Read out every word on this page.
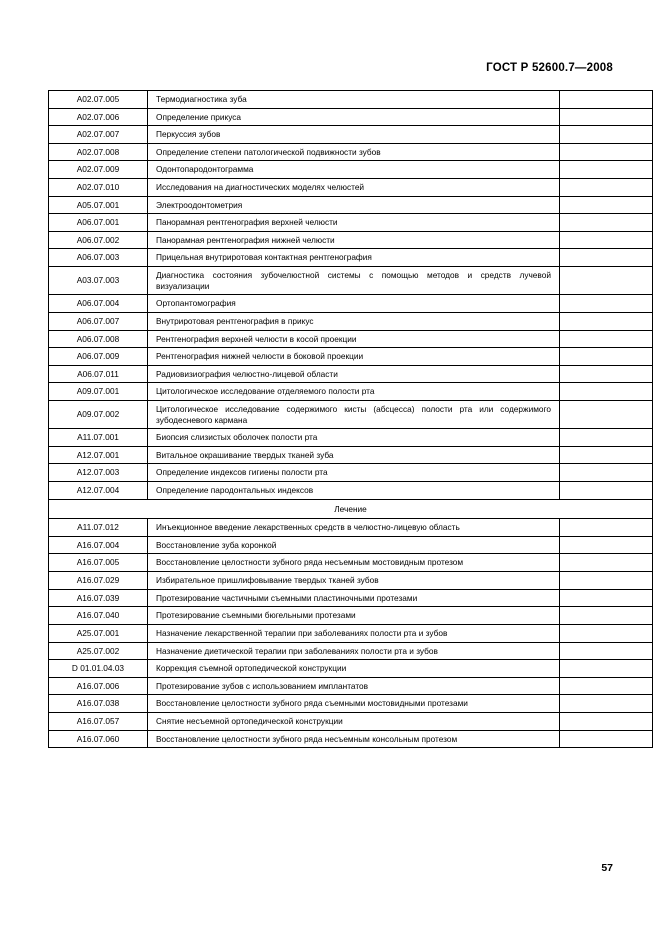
ГОСТ Р 52600.7—2008
A02.07.005	Термодиагностика зуба	
A02.07.006	Определение прикуса	
A02.07.007	Перкуссия зубов	
A02.07.008	Определение степени патологической подвижности зубов	
A02.07.009	Одонтопародонтограмма	
A02.07.010	Исследования на диагностических моделях челюстей	
A05.07.001	Электроодонтометрия	
A06.07.001	Панорамная рентгенография верхней челюсти	
A06.07.002	Панорамная рентгенография нижней челюсти	
A06.07.003	Прицельная внутриротовая контактная рентгенография	
A03.07.003	Диагностика состояния зубочелюстной системы с помощью методов и средств лучевой визуализации	
A06.07.004	Ортопантомография	
A06.07.007	Внутриротовая рентгенография в прикус	
A06.07.008	Рентгенография верхней челюсти в косой проекции	
A06.07.009	Рентгенография нижней челюсти в боковой проекции	
A06.07.011	Радиовизиография челюстно-лицевой области	
A09.07.001	Цитологическое исследование отделяемого полости рта	
A09.07.002	Цитологическое исследование содержимого кисты (абсцесса) полости рта или содержимого зубодесневого кармана	
A11.07.001	Биопсия слизистых оболочек полости рта	
A12.07.001	Витальное окрашивание твердых тканей зуба	
A12.07.003	Определение индексов гигиены полости рта	
A12.07.004	Определение пародонтальных индексов	
Лечение		
A11.07.012	Инъекционное введение лекарственных средств в челюстно-лицевую область	
A16.07.004	Восстановление зуба коронкой	
A16.07.005	Восстановление целостности зубного ряда несъемным мостовидным протезом	
A16.07.029	Избирательное пришлифовывание твердых тканей зубов	
A16.07.039	Протезирование частичными съемными пластиночными протезами	
A16.07.040	Протезирование съемными бюгельными протезами	
A25.07.001	Назначение лекарственной терапии при заболеваниях полости рта и зубов	
A25.07.002	Назначение диетической терапии при заболеваниях полости рта и зубов	
D 01.01.04.03	Коррекция съемной ортопедической конструкции	
A16.07.006	Протезирование зубов с использованием имплантатов	
A16.07.038	Восстановление целостности зубного ряда съемными мостовидными протезами	
A16.07.057	Снятие несъемной ортопедической конструкции	
A16.07.060	Восстановление целостности зубного ряда несъемным консольным протезом	
57
